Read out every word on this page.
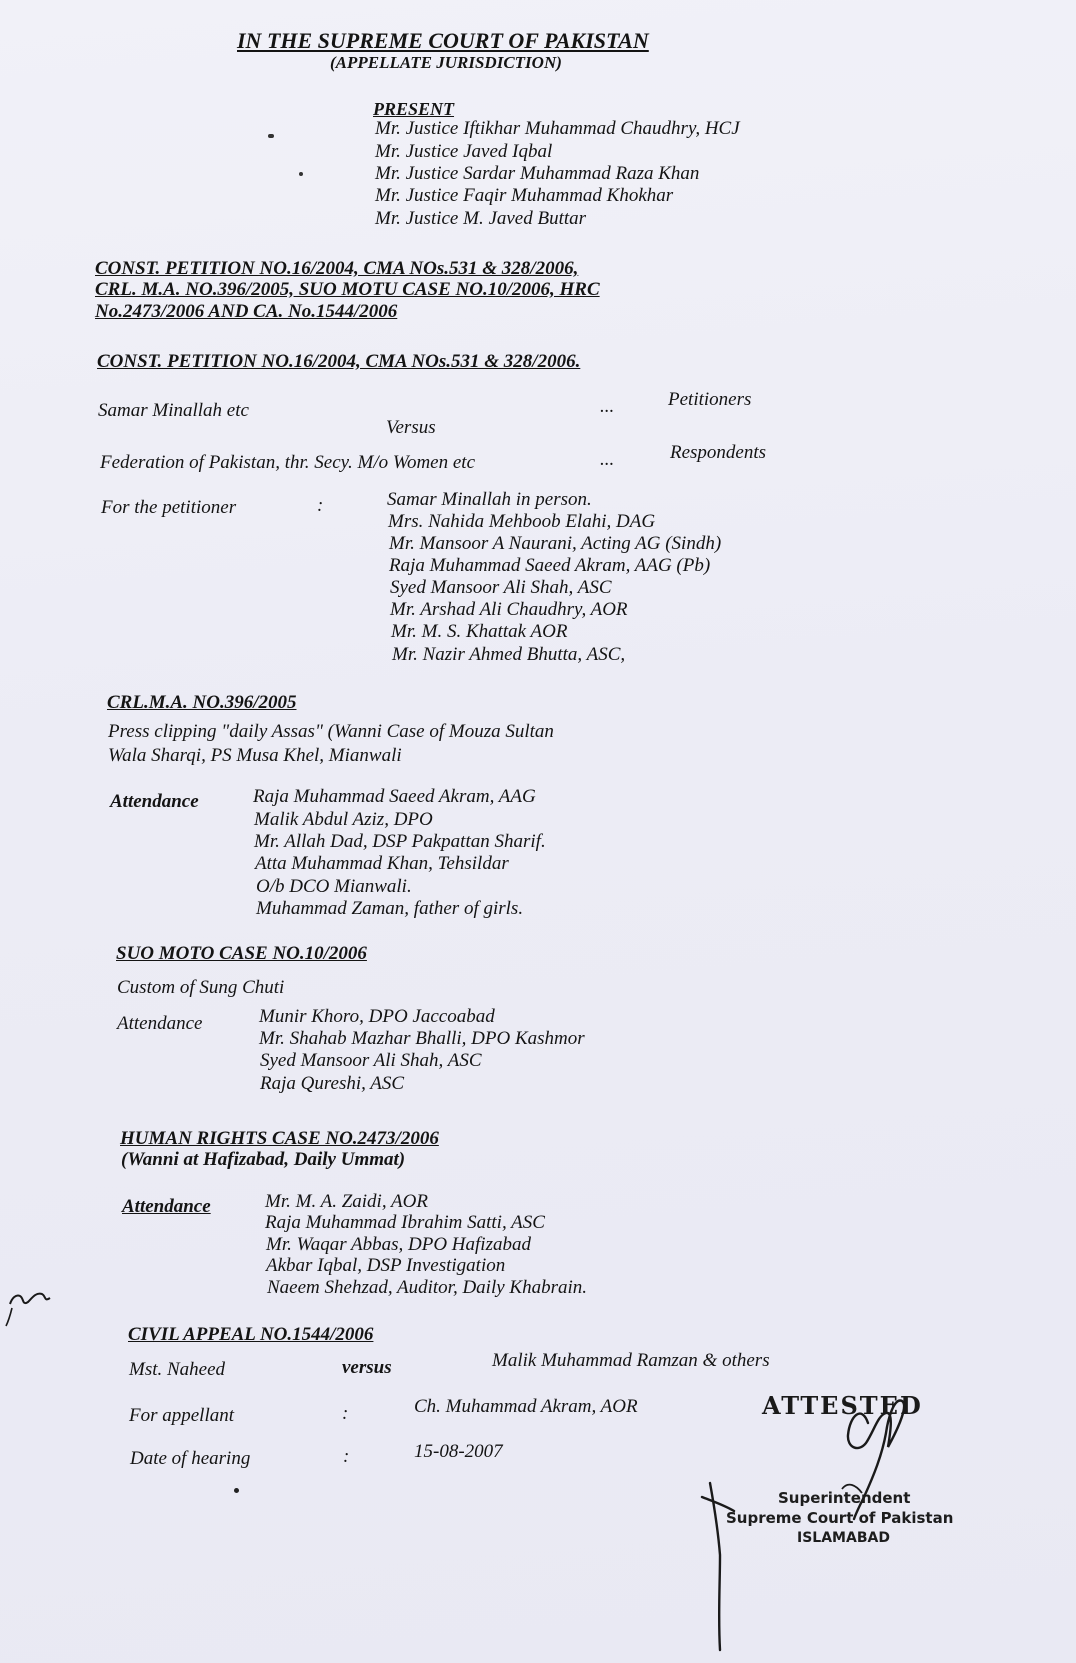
IN THE SUPREME COURT OF PAKISTAN
(APPELLATE JURISDICTION)
PRESENT
Mr. Justice Iftikhar Muhammad Chaudhry, HCJ
Mr. Justice Javed Iqbal
Mr. Justice Sardar Muhammad Raza Khan
Mr. Justice Faqir Muhammad Khokhar
Mr. Justice M. Javed Buttar
CONST. PETITION NO.16/2004, CMA NOs.531 & 328/2006,
CRL. M.A. NO.396/2005, SUO MOTU CASE NO.10/2006, HRC
No.2473/2006 AND CA. No.1544/2006
CONST. PETITION NO.16/2004, CMA NOs.531 & 328/2006.
Samar Minallah etc	...	Petitioners
Versus
Federation of Pakistan, thr. Secy. M/o Women etc	...	Respondents
For the petitioner	:	Samar Minallah in person.
Mrs. Nahida Mehboob Elahi, DAG
Mr. Mansoor A Naurani, Acting AG (Sindh)
Raja Muhammad Saeed Akram, AAG (Pb)
Syed Mansoor Ali Shah, ASC
Mr. Arshad Ali Chaudhry, AOR
Mr. M. S. Khattak AOR
Mr. Nazir Ahmed Bhutta, ASC,
CRL.M.A. NO.396/2005
Press clipping "daily Assas" (Wanni Case of Mouza Sultan
Wala Sharqi, PS Musa Khel, Mianwali
Attendance	Raja Muhammad Saeed Akram, AAG
Malik Abdul Aziz, DPO
Mr. Allah Dad, DSP Pakpattan Sharif.
Atta Muhammad Khan, Tehsildar
O/b DCO Mianwali.
Muhammad Zaman, father of girls.
SUO MOTO CASE NO.10/2006
Custom of Sung Chuti
Attendance	Munir Khoro, DPO Jaccoabad
Mr. Shahab Mazhar Bhalli, DPO Kashmor
Syed Mansoor Ali Shah, ASC
Raja Qureshi, ASC
HUMAN RIGHTS CASE NO.2473/2006
(Wanni at Hafizabad, Daily Ummat)
Attendance	Mr. M. A. Zaidi, AOR
Raja Muhammad Ibrahim Satti, ASC
Mr. Waqar Abbas, DPO Hafizabad
Akbar Iqbal, DSP Investigation
Naeem Shehzad, Auditor, Daily Khabrain.
CIVIL APPEAL NO.1544/2006
Mst. Naheed	versus	Malik Muhammad Ramzan & others
For appellant	:	Ch. Muhammad Akram, AOR
Date of hearing	:	15-08-2007
ATTESTED
Superintendent
Supreme Court of Pakistan
ISLAMABAD
